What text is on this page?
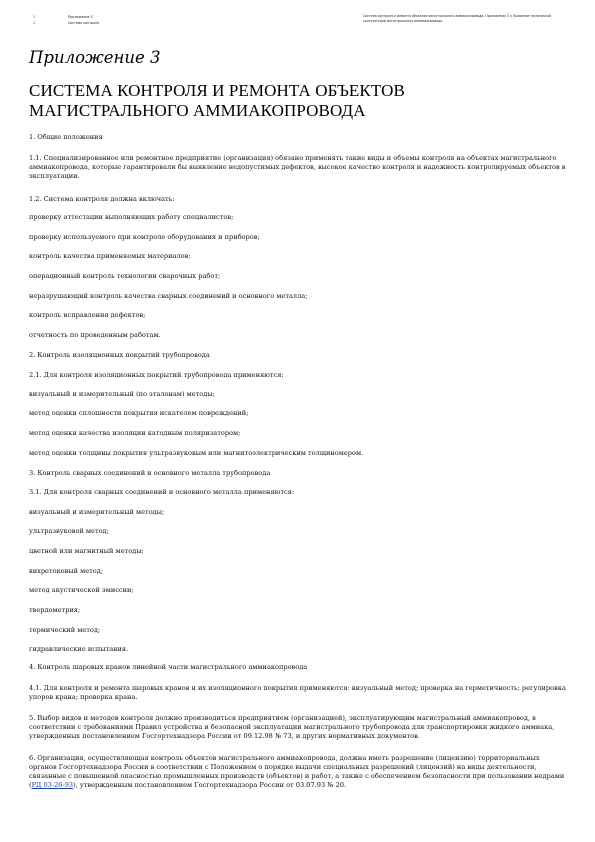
1
1
Приложение 3
Система контроля
Система контроля и ремонта объектов магистрального аммиакопровода. Приложение 3 к Правилам технической эксплуатации магистрального аммиакопровода
Приложение 3
СИСТЕМА КОНТРОЛЯ И РЕМОНТА ОБЪЕКТОВ МАГИСТРАЛЬНОГО АММИАКОПРОВОДА

1. Общие положения

1.1. Специализированное или ремонтное предприятие (организация) обязано применять такие виды и объемы контроля на объектах магистрального аммиакопровода, которые гарантировали бы выявление недопустимых дефектов, высокое качество контроля и надежность контролируемых объектов в эксплуатации.

1.2. Система контроля должна включать:

проверку аттестации выполняющих работу специалистов;

проверку используемого при контроле оборудования и приборов;

контроль качества применяемых материалов;

операционный контроль технологии сварочных работ;

неразрушающий контроль качества сварных соединений и основного металла;

контроль исправления дефектов;

отчетность по проведенным работам.

2. Контроль изоляционных покрытий трубопровода

2.1. Для контроля изоляционных покрытий трубопровода применяются:

визуальный и измерительный (по эталонам) методы;

метод оценки сплошности покрытия искателем повреждений;

метод оценки качества изоляции катодным поляризатором;

метод оценки толщины покрытия ультразвуковым или магнитоэлектрическим толщиномером.

3. Контроль сварных соединений и основного металла трубопровода

3.1. Для контроля сварных соединений и основного металла применяются:

визуальный и измерительный методы;

ультразвуковой метод;

цветной или магнитный методы;

вихретоковый метод;

метод акустической эмиссии;

твердометрия;

термический метод;

гидравлические испытания.

4. Контроль шаровых кранов линейной части магистрального аммиакопровода

4.1. Для контроля и ремонта шаровых кранов и их изоляционного покрытия применяются: визуальный метод; проверка на герметичность; регулировка упоров крана; проверка крана.

5. Выбор видов и методов контроля должно производиться предприятием (организацией), эксплуатирующим магистральный аммиакопровод, в соответствии с требованиями Правил устройства и безопасной эксплуатации магистрального трубопровода для транспортировки жидкого аммиака, утвержденных постановлением Госгортехнадзора России от 09.12.98 № 73, и других нормативных документов.

6. Организация, осуществляющая контроль объектов магистрального аммиакопровода, должна иметь разрешение (лицензию) территориальных органов Госгортехнадзора России в соответствии с Положением о порядке выдачи специальных разрешений (лицензий) на виды деятельности, связанные с повышенной опасностью промышленных производств (объектов) и работ, а также с обеспечением безопасности при пользовании недрами (РД 03-26-93), утвержденным постановлением Госгортехнадзора России от 03.07.93 № 20.
